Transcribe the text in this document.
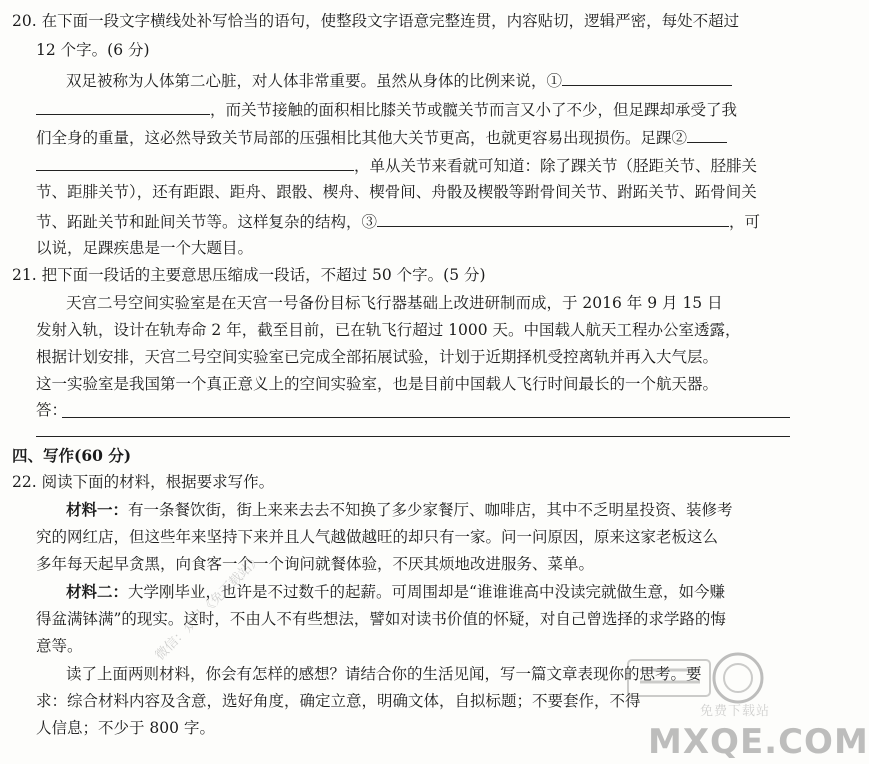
20. 在下面一段文字横线处补写恰当的语句，使整段文字语意完整连贯，内容贴切，逻辑严密，每处不超过
12 个字。(6 分)
双足被称为人体第二心脏，对人体非常重要。虽然从身体的比例来说，①
，而关节接触的面积相比膝关节或髋关节而言又小了不少，但足踝却承受了我
们全身的重量，这必然导致关节局部的压强相比其他大关节更高，也就更容易出现损伤。足踝②
，单从关节来看就可知道：除了踝关节（胫距关节、胫腓关
节、距腓关节），还有距跟、距舟、跟骰、楔舟、楔骨间、舟骰及楔骰等跗骨间关节、跗跖关节、跖骨间关
节、跖趾关节和趾间关节等。这样复杂的结构，③	，可
以说，足踝疾患是一个大题目。
21. 把下面一段话的主要意思压缩成一段话，不超过 50 个字。(5 分)
天宫二号空间实验室是在天宫一号备份目标飞行器基础上改进研制而成，于 2016 年 9 月 15 日
发射入轨，设计在轨寿命 2 年，截至目前，已在轨飞行超过 1000 天。中国载人航天工程办公室透露，
根据计划安排，天宫二号空间实验室已完成全部拓展试验，计划于近期择机受控离轨并再入大气层。
这一实验室是我国第一个真正意义上的空间实验室，也是目前中国载人飞行时间最长的一个航天器。
答：
四、写作(60 分)
22. 阅读下面的材料，根据要求写作。
材料一：有一条餐饮街，街上来来去去不知换了多少家餐厅、咖啡店，其中不乏明星投资、装修考
究的网红店，但这些年来坚持下来并且人气越做越旺的却只有一家。问一问原因，原来这家老板这么
多年每天起早贪黑，向食客一个一个询问就餐体验，不厌其烦地改进服务、菜单。
材料二：大学刚毕业，也许是不过数千的起薪。可周围却是“谁谁谁高中没读完就做生意，如今赚
得盆满钵满”的现实。这时，不由人不有些想法，譬如对读书价值的怀疑，对自己曾选择的求学路的悔
意等。
读了上面两则材料，你会有怎样的感想？请结合你的生活见闻，写一篇文章表现你的思考。要
求：综合材料内容及含意，选好角度，确定立意，明确文体，自拟标题；不要套作，不得
人信息；不少于 800 字。
微信：众号《免下载站》
免费下载站
MXQE.COM
